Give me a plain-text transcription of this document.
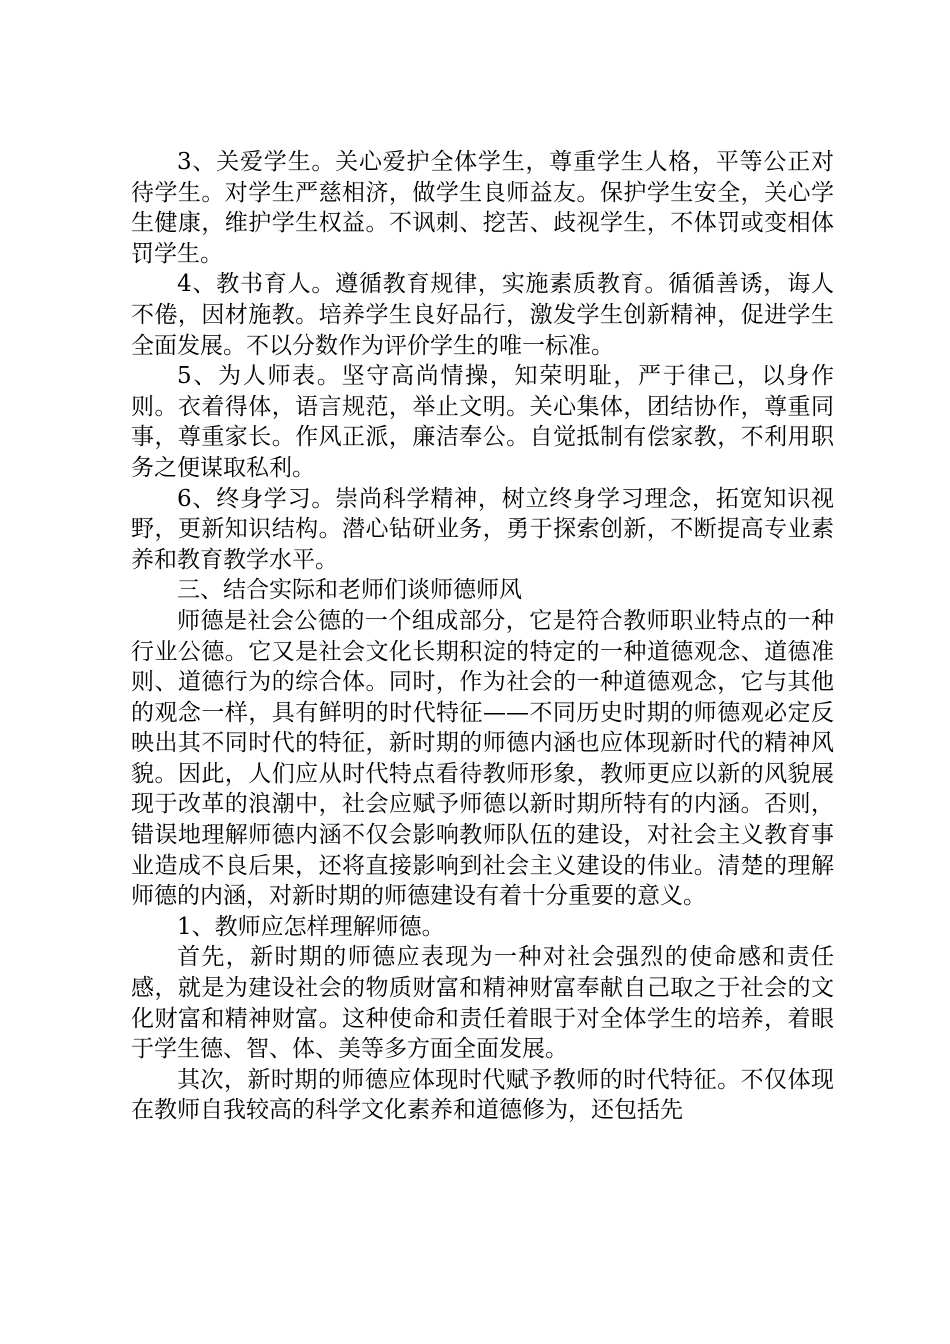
3、关爱学生。关心爱护全体学生，尊重学生人格，平等公正对待学生。对学生严慈相济，做学生良师益友。保护学生安全，关心学生健康，维护学生权益。不讽刺、挖苦、歧视学生，不体罚或变相体罚学生。

4、教书育人。遵循教育规律，实施素质教育。循循善诱，诲人不倦，因材施教。培养学生良好品行，激发学生创新精神，促进学生全面发展。不以分数作为评价学生的唯一标准。

5、为人师表。坚守高尚情操，知荣明耻，严于律己，以身作则。衣着得体，语言规范，举止文明。关心集体，团结协作，尊重同事，尊重家长。作风正派，廉洁奉公。自觉抵制有偿家教，不利用职务之便谋取私利。

6、终身学习。崇尚科学精神，树立终身学习理念，拓宽知识视野，更新知识结构。潜心钻研业务，勇于探索创新，不断提高专业素养和教育教学水平。

三、结合实际和老师们谈师德师风

师德是社会公德的一个组成部分，它是符合教师职业特点的一种行业公德。它又是社会文化长期积淀的特定的一种道德观念、道德准则、道德行为的综合体。同时，作为社会的一种道德观念，它与其他的观念一样，具有鲜明的时代特征——不同历史时期的师德观必定反映出其不同时代的特征，新时期的师德内涵也应体现新时代的精神风貌。因此，人们应从时代特点看待教师形象，教师更应以新的风貌展现于改革的浪潮中，社会应赋予师德以新时期所特有的内涵。否则，错误地理解师德内涵不仅会影响教师队伍的建设，对社会主义教育事业造成不良后果，还将直接影响到社会主义建设的伟业。清楚的理解师德的内涵，对新时期的师德建设有着十分重要的意义。

1、教师应怎样理解师德。

首先，新时期的师德应表现为一种对社会强烈的使命感和责任感，就是为建设社会的物质财富和精神财富奉献自己取之于社会的文化财富和精神财富。这种使命和责任着眼于对全体学生的培养，着眼于学生德、智、体、美等多方面全面发展。

其次，新时期的师德应体现时代赋予教师的时代特征。不仅体现在教师自我较高的科学文化素养和道德修为，还包括先
